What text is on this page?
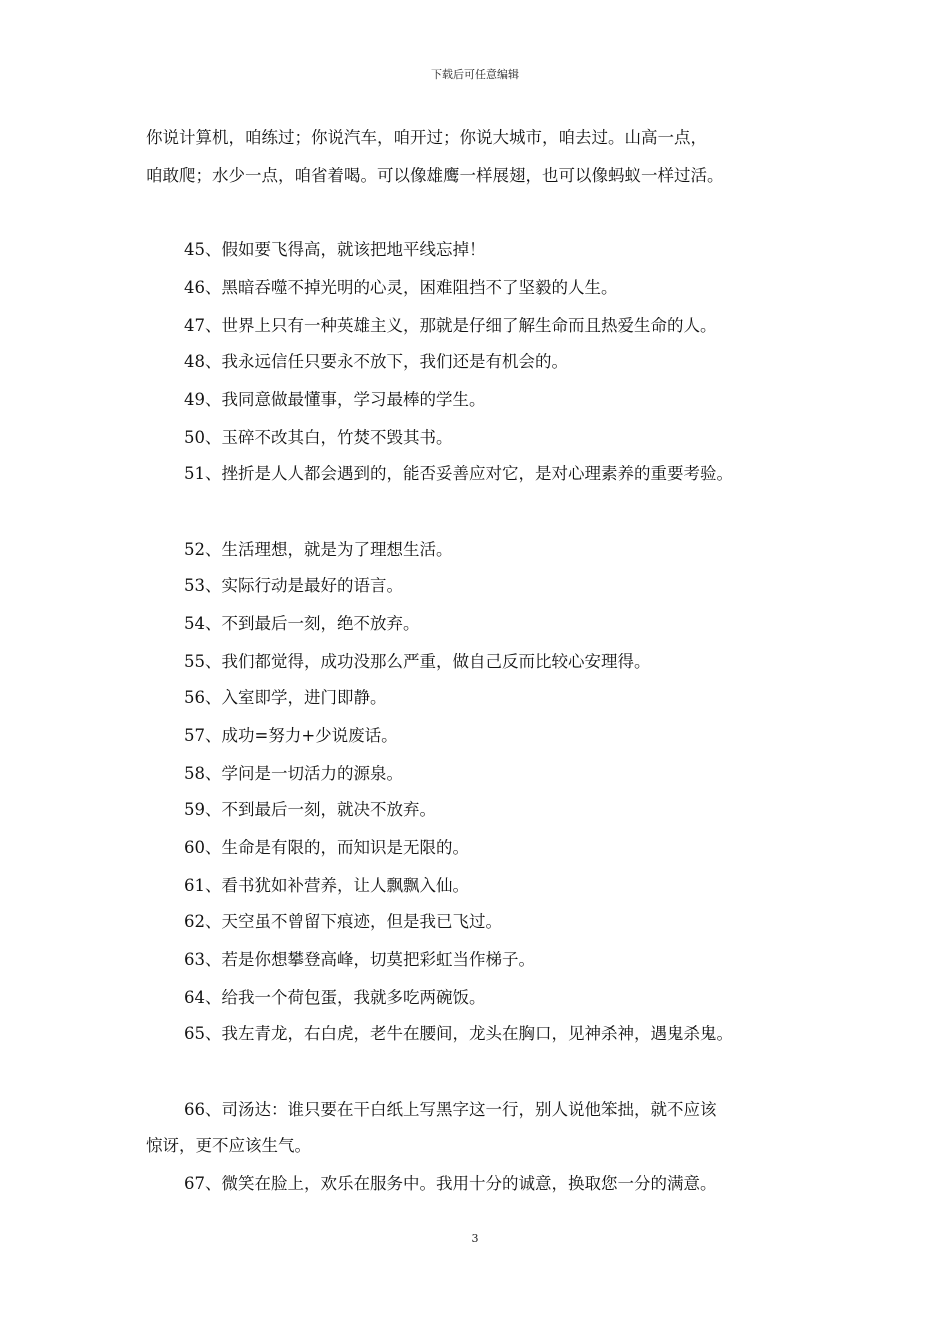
下载后可任意编辑
你说计算机，咱练过；你说汽车，咱开过；你说大城市，咱去过。山高一点，
咱敢爬；水少一点，咱省着喝。可以像雄鹰一样展翅，也可以像蚂蚁一样过活。
45、假如要飞得高，就该把地平线忘掉！
46、黑暗吞噬不掉光明的心灵，困难阻挡不了坚毅的人生。
47、世界上只有一种英雄主义，那就是仔细了解生命而且热爱生命的人。
48、我永远信任只要永不放下，我们还是有机会的。
49、我同意做最懂事，学习最棒的学生。
50、玉碎不改其白，竹焚不毁其书。
51、挫折是人人都会遇到的，能否妥善应对它，是对心理素养的重要考验。
52、生活理想，就是为了理想生活。
53、实际行动是最好的语言。
54、不到最后一刻，绝不放弃。
55、我们都觉得，成功没那么严重，做自己反而比较心安理得。
56、入室即学，进门即静。
57、成功=努力+少说废话。
58、学问是一切活力的源泉。
59、不到最后一刻，就决不放弃。
60、生命是有限的，而知识是无限的。
61、看书犹如补营养，让人飘飘入仙。
62、天空虽不曾留下痕迹，但是我已飞过。
63、若是你想攀登高峰，切莫把彩虹当作梯子。
64、给我一个荷包蛋，我就多吃两碗饭。
65、我左青龙，右白虎，老牛在腰间，龙头在胸口，见神杀神，遇鬼杀鬼。
66、司汤达：谁只要在干白纸上写黑字这一行，别人说他笨拙，就不应该
惊讶，更不应该生气。
67、微笑在脸上，欢乐在服务中。我用十分的诚意，换取您一分的满意。
3
